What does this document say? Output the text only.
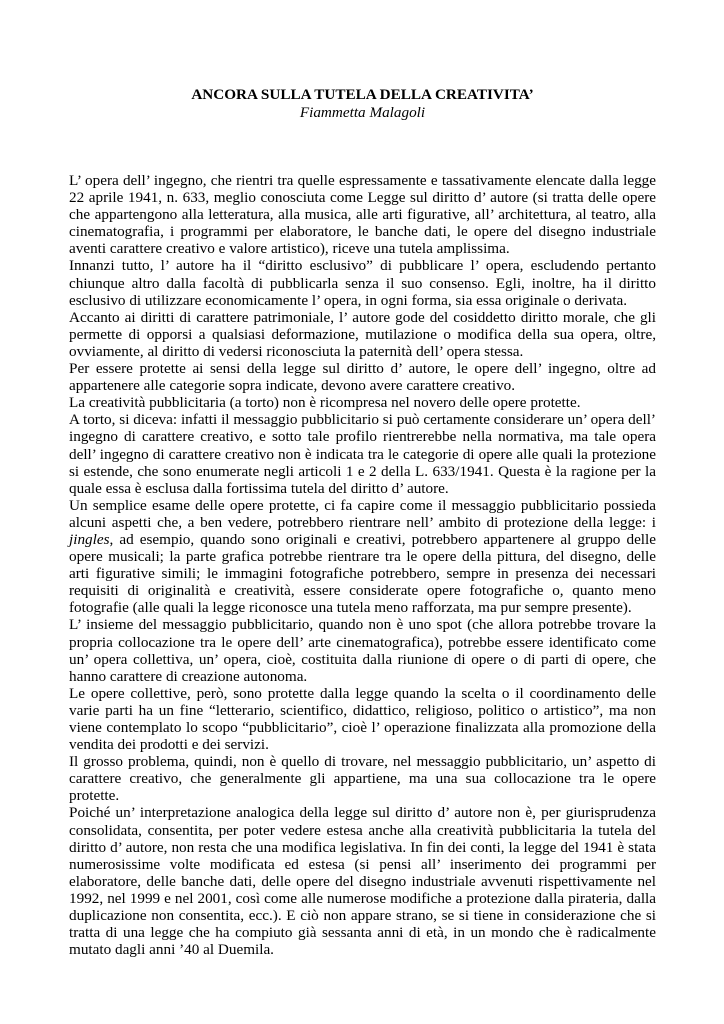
ANCORA SULLA TUTELA DELLA CREATIVITA’

Fiammetta Malagoli

L’ opera dell’ ingegno, che rientri tra quelle espressamente e tassativamente elencate dalla legge 22 aprile 1941, n. 633, meglio conosciuta come Legge sul diritto d’ autore (si tratta delle opere che appartengono alla letteratura, alla musica, alle arti figurative, all’ architettura, al teatro, alla cinematografia, i programmi per elaboratore, le banche dati, le opere del disegno industriale aventi carattere creativo e valore artistico), riceve una tutela amplissima.

Innanzi tutto, l’ autore ha il “diritto esclusivo” di pubblicare l’ opera, escludendo pertanto chiunque altro dalla facoltà di pubblicarla senza il suo consenso. Egli, inoltre, ha il diritto esclusivo di utilizzare economicamente l’ opera, in ogni forma, sia essa originale o derivata.

Accanto ai diritti di carattere patrimoniale, l’ autore gode del cosiddetto diritto morale, che gli permette di opporsi a qualsiasi deformazione, mutilazione o modifica della sua opera, oltre, ovviamente, al diritto di vedersi riconosciuta la paternità dell’ opera stessa.

Per essere protette ai sensi della legge sul diritto d’ autore, le opere dell’ ingegno, oltre ad appartenere alle categorie sopra indicate, devono avere carattere creativo.

La creatività pubblicitaria (a torto) non è ricompresa nel novero delle opere protette.

A torto, si diceva: infatti il messaggio pubblicitario si può certamente considerare un’ opera dell’ ingegno di carattere creativo, e sotto tale profilo rientrerebbe nella normativa, ma tale opera dell’ ingegno di carattere creativo non è indicata tra le categorie di opere alle quali la protezione si estende, che sono enumerate negli articoli 1 e 2 della L. 633/1941. Questa è la ragione per la quale essa è esclusa dalla fortissima tutela del diritto d’ autore.

Un semplice esame delle opere protette, ci fa capire come il messaggio pubblicitario possieda alcuni aspetti che, a ben vedere, potrebbero rientrare nell’ ambito di protezione della legge: i jingles, ad esempio, quando sono originali e creativi, potrebbero appartenere al gruppo delle opere musicali; la parte grafica potrebbe rientrare tra le opere della pittura, del disegno, delle arti figurative simili; le immagini fotografiche potrebbero, sempre in presenza dei necessari requisiti di originalità e creatività, essere considerate opere fotografiche o, quanto meno fotografie (alle quali la legge riconosce una tutela meno rafforzata, ma pur sempre presente).

L’ insieme del messaggio pubblicitario, quando non è uno spot (che allora potrebbe trovare la propria collocazione tra le opere dell’ arte cinematografica), potrebbe essere identificato come un’ opera collettiva, un’ opera, cioè, costituita dalla riunione di opere o di parti di opere, che hanno carattere di creazione autonoma.

Le opere collettive, però, sono protette dalla legge quando la scelta o il coordinamento delle varie parti ha un fine “letterario, scientifico, didattico, religioso, politico o artistico”, ma non viene contemplato lo scopo “pubblicitario”, cioè l’ operazione finalizzata alla promozione della vendita dei prodotti e dei servizi.

Il grosso problema, quindi, non è quello di trovare, nel messaggio pubblicitario, un’ aspetto di carattere creativo, che generalmente gli appartiene, ma una sua collocazione tra le opere protette.

Poiché un’ interpretazione analogica della legge sul diritto d’ autore non è, per giurisprudenza consolidata, consentita, per poter vedere estesa anche alla creatività pubblicitaria la tutela del diritto d’ autore, non resta che una modifica legislativa. In fin dei conti, la legge del 1941 è stata numerosissime volte modificata ed estesa (si pensi all’ inserimento dei programmi per elaboratore, delle banche dati, delle opere del disegno industriale avvenuti rispettivamente nel 1992, nel 1999 e nel 2001, così come alle numerose modifiche a protezione dalla pirateria, dalla duplicazione non consentita, ecc.). E ciò non appare strano, se si tiene in considerazione che si tratta di una legge che ha compiuto già sessanta anni di età, in un mondo che è radicalmente mutato dagli anni ’40 al Duemila.
